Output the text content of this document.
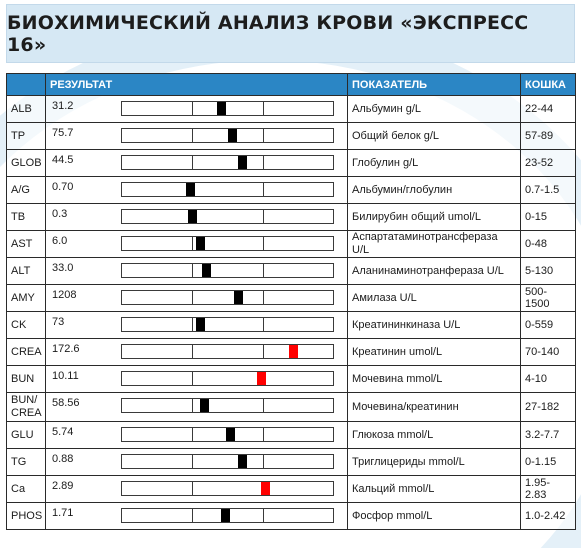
БИОХИМИЧЕСКИЙ АНАЛИЗ КРОВИ «ЭКСПРЕСС 16»
	РЕЗУЛЬТАТ	ПОКАЗАТЕЛЬ	КОШКА
ALB	31.2	Альбумин g/L	22-44
TP	75.7	Общий белок g/L	57-89
GLOB	44.5	Глобулин g/L	23-52
A/G	0.70	Альбумин/глобулин	0.7-1.5
TB	0.3	Билирубин общий umol/L	0-15
AST	6.0	Аспартатаминотрансфераза U/L	0-48
ALT	33.0	Аланинаминотранфераза U/L	5-130
AMY	1208	Амилаза U/L	500-1500
CK	73	Креатининкиназа U/L	0-559
CREA	172.6	Креатинин umol/L	70-140
BUN	10.11	Мочевина mmol/L	4-10
BUN/ CREA	58.56	Мочевина/креатинин	27-182
GLU	5.74	Глюкоза mmol/L	3.2-7.7
TG	0.88	Триглицериды mmol/L	0-1.15
Ca	2.89	Кальций mmol/L	1.95-2.83
PHOS	1.71	Фосфор mmol/L	1.0-2.42
